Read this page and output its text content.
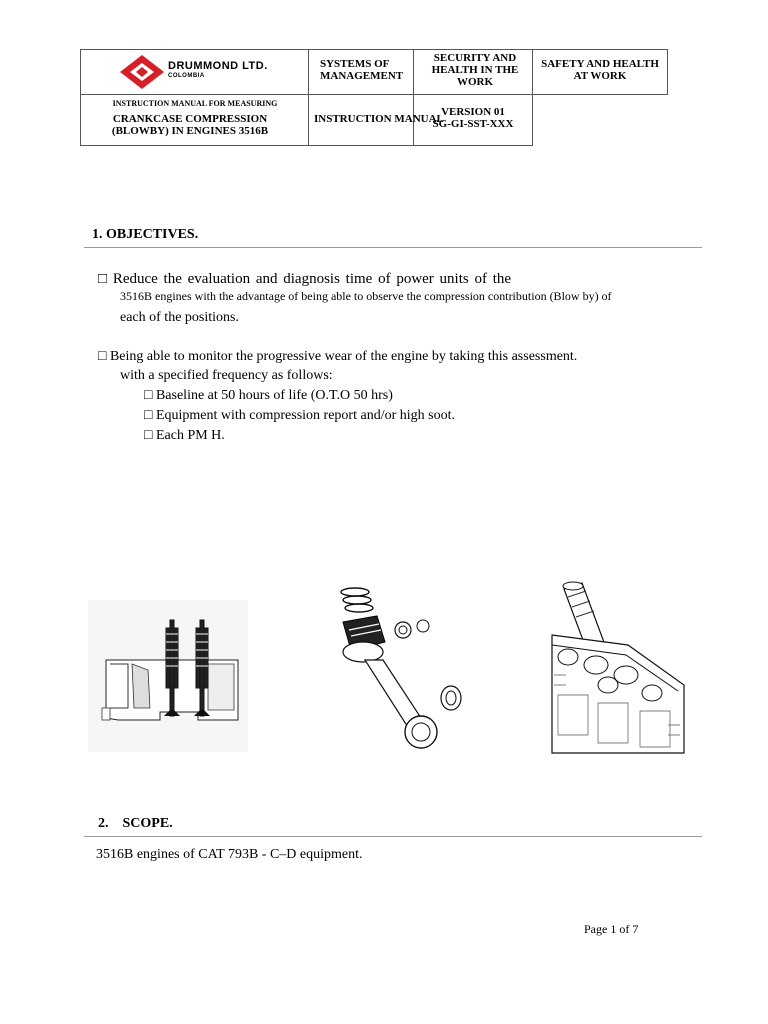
DRUMMOND LTD.
COLOMBIA
SYSTEMS OF MANAGEMENT
SECURITY AND HEALTH IN THE WORK
SAFETY AND HEALTH AT WORK
INSTRUCTION MANUAL FOR MEASURING
CRANKCASE COMPRESSION (BLOWBY) IN ENGINES 3516B
INSTRUCTION MANUAL
VERSION 01
SG-GI-SST-XXX
1. OBJECTIVES.
□ Reduce the evaluation and diagnosis time of power units of the
3516B engines with the advantage of being able to observe the compression contribution (Blow by) of
each of the positions.
□ Being able to monitor the progressive wear of the engine by taking this assessment.
with a specified frequency as follows:
□ Baseline at 50 hours of life (O.T.O 50 hrs)
□ Equipment with compression report and/or high soot.
□ Each PM H.
2.    SCOPE.
3516B engines of CAT 793B - C–D equipment.
Page 1 of 7
